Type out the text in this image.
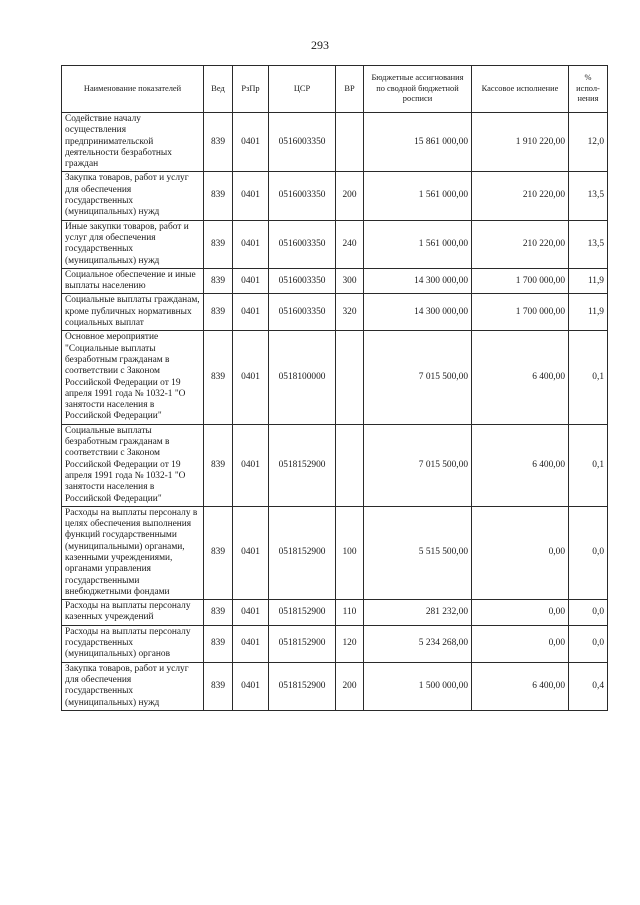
293
Наименование показателей	Вед	РзПр	ЦСР	ВР	Бюджетные ассигнования по сводной бюджетной росписи	Кассовое исполнение	% испол-нения
Содействие началу осуществления предпринимательской деятельности безработных граждан	839	0401	0516003350		15 861 000,00	1 910 220,00	12,0
Закупка товаров, работ и услуг для обеспечения государственных (муниципальных) нужд	839	0401	0516003350	200	1 561 000,00	210 220,00	13,5
Иные закупки товаров, работ и услуг для обеспечения государственных (муниципальных) нужд	839	0401	0516003350	240	1 561 000,00	210 220,00	13,5
Социальное обеспечение и иные выплаты населению	839	0401	0516003350	300	14 300 000,00	1 700 000,00	11,9
Социальные выплаты гражданам, кроме публичных нормативных социальных выплат	839	0401	0516003350	320	14 300 000,00	1 700 000,00	11,9
Основное мероприятие "Социальные выплаты безработным гражданам в соответствии с Законом Российской Федерации от 19 апреля 1991 года № 1032-1 "О занятости населения в Российской Федерации"	839	0401	0518100000		7 015 500,00	6 400,00	0,1
Социальные выплаты безработным гражданам в соответствии с Законом Российской Федерации от 19 апреля 1991 года № 1032-1 "О занятости населения в Российской Федерации"	839	0401	0518152900		7 015 500,00	6 400,00	0,1
Расходы на выплаты персоналу в целях обеспечения выполнения функций государственными (муниципальными) органами, казенными учреждениями, органами управления государственными внебюджетными фондами	839	0401	0518152900	100	5 515 500,00	0,00	0,0
Расходы на выплаты персоналу казенных учреждений	839	0401	0518152900	110	281 232,00	0,00	0,0
Расходы на выплаты персоналу государственных (муниципальных) органов	839	0401	0518152900	120	5 234 268,00	0,00	0,0
Закупка товаров, работ и услуг для обеспечения государственных (муниципальных) нужд	839	0401	0518152900	200	1 500 000,00	6 400,00	0,4
